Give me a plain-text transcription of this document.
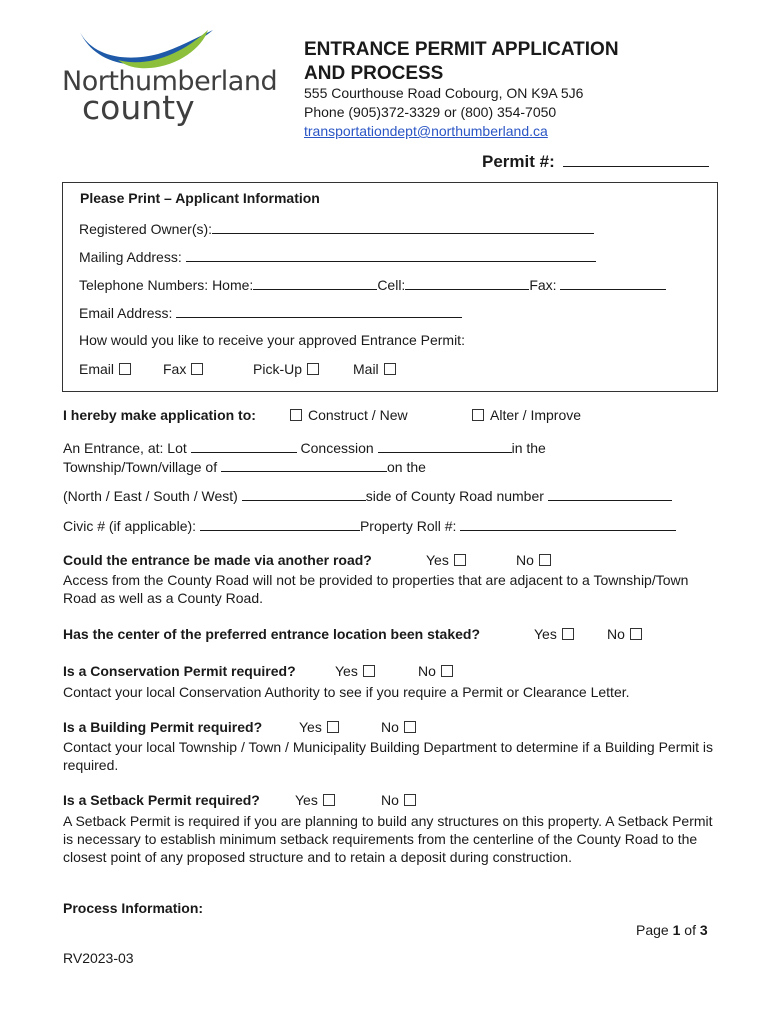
Northumberland
county
ENTRANCE PERMIT APPLICATION
AND PROCESS
555 Courthouse Road Cobourg, ON K9A 5J6
Phone (905)372-3329 or (800) 354-7050
transportationdept@northumberland.ca
Permit #:
Please Print – Applicant Information
Registered Owner(s):
Mailing Address:
Telephone Numbers: Home:	Cell:	Fax:
Email Address:
How would you like to receive your approved Entrance Permit:
Email	Fax	Pick-Up	Mail
I hereby make application to:	Construct / New	Alter / Improve
An Entrance, at: Lot	Concession	in the
Township/Town/village of	on the
(North / East / South / West)	side of County Road number
Civic # (if applicable):	Property Roll #:
Could the entrance be made via another road?	Yes	No
Access from the County Road will not be provided to properties that are adjacent to a Township/Town Road as well as a County Road.
Has the center of the preferred entrance location been staked?	Yes	No
Is a Conservation Permit required?	Yes	No
Contact your local Conservation Authority to see if you require a Permit or Clearance Letter.
Is a Building Permit required?	Yes	No
Contact your local Township / Town / Municipality Building Department to determine if a Building Permit is required.
Is a Setback Permit required?	Yes	No
A Setback Permit is required if you are planning to build any structures on this property. A Setback Permit is necessary to establish minimum setback requirements from the centerline of the County Road to the closest point of any proposed structure and to retain a deposit during construction.
Process Information:
Page 1 of 3
RV2023-03
